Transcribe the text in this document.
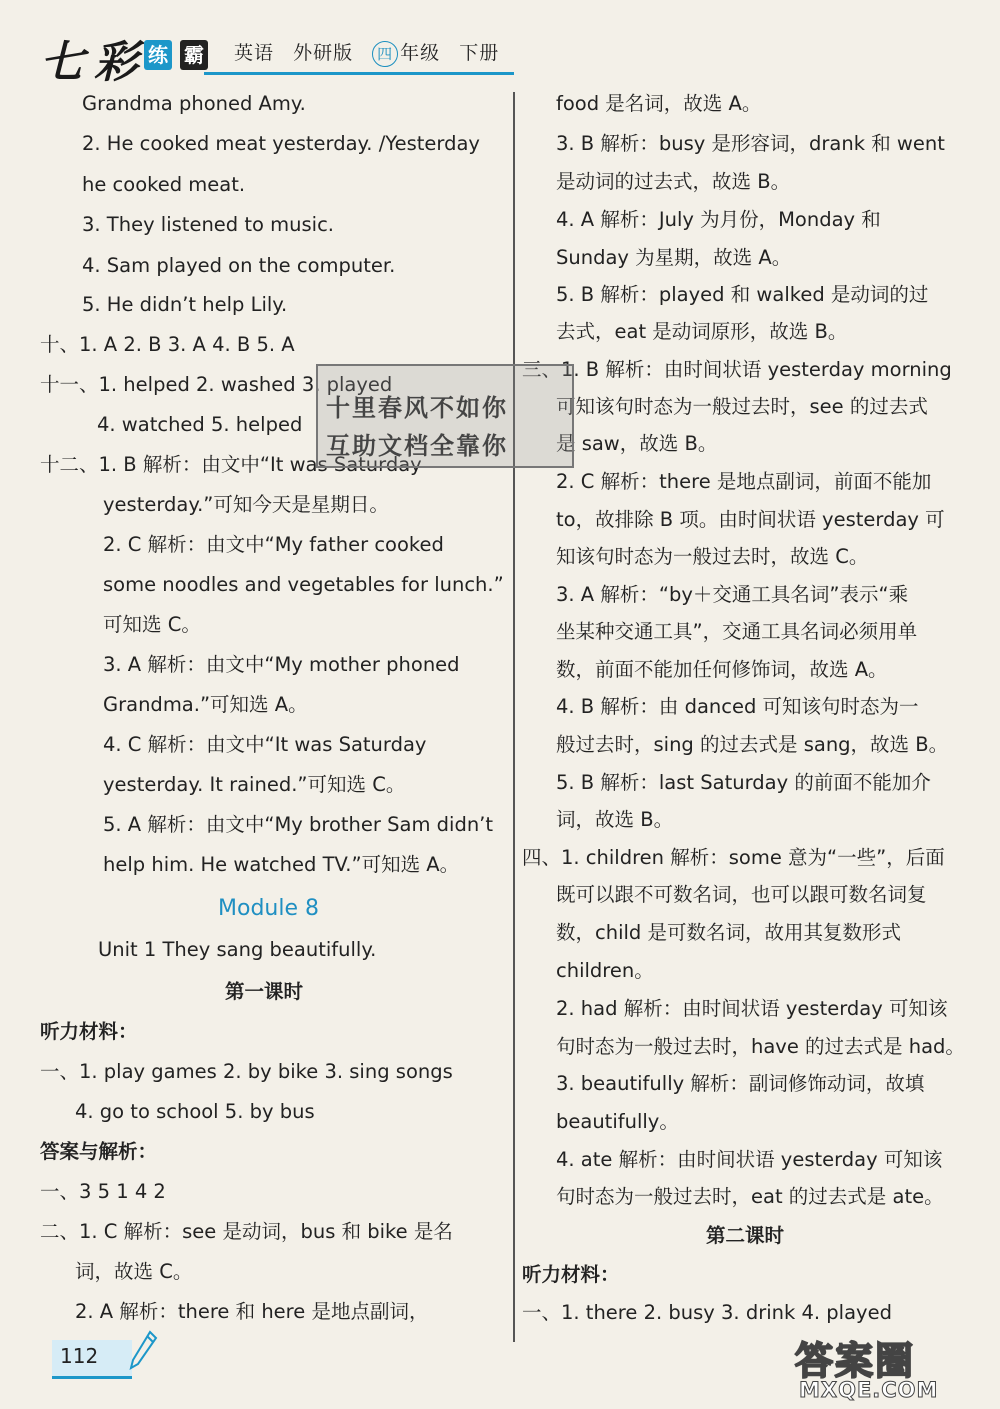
七 彩 练 霸 英语 外研版 四 年级 下册
Grandma phoned Amy.
2. He cooked meat yesterday. /Yesterday
he cooked meat.
3. They listened to music.
4. Sam played on the computer.
5. He didn’t help Lily.
十、1. A 2. B 3. A 4. B 5. A
十一、1. helped 2. washed 3. played
4. watched 5. helped
十二、1. B 解析：由文中“It was Saturday
yesterday.”可知今天是星期日。
2. C 解析：由文中“My father cooked
some noodles and vegetables for lunch.”
可知选 C。
3. A 解析：由文中“My mother phoned
Grandma.”可知选 A。
4. C 解析：由文中“It was Saturday
yesterday. It rained.”可知选 C。
5. A 解析：由文中“My brother Sam didn’t
help him. He watched TV.”可知选 A。
Module 8
Unit 1 They sang beautifully.
第一课时
听力材料：
一、1. play games 2. by bike 3. sing songs
4. go to school 5. by bus
答案与解析：
一、3 5 1 4 2
二、1. C 解析：see 是动词，bus 和 bike 是名
词，故选 C。
2. A 解析：there 和 here 是地点副词，
food 是名词，故选 A。
3. B 解析：busy 是形容词，drank 和 went
是动词的过去式，故选 B。
4. A 解析：July 为月份，Monday 和
Sunday 为星期，故选 A。
5. B 解析：played 和 walked 是动词的过
去式，eat 是动词原形，故选 B。
三、1. B 解析：由时间状语 yesterday morning
可知该句时态为一般过去时，see 的过去式
是 saw，故选 B。
2. C 解析：there 是地点副词，前面不能加
to，故排除 B 项。由时间状语 yesterday 可
知该句时态为一般过去时，故选 C。
3. A 解析：“by＋交通工具名词”表示“乘
坐某种交通工具”，交通工具名词必须用单
数，前面不能加任何修饰词，故选 A。
4. B 解析：由 danced 可知该句时态为一
般过去时，sing 的过去式是 sang，故选 B。
5. B 解析：last Saturday 的前面不能加介
词，故选 B。
四、1. children 解析：some 意为“一些”，后面
既可以跟不可数名词，也可以跟可数名词复
数，child 是可数名词，故用其复数形式
children。
2. had 解析：由时间状语 yesterday 可知该
句时态为一般过去时，have 的过去式是 had。
3. beautifully 解析：副词修饰动词，故填
beautifully。
4. ate 解析：由时间状语 yesterday 可知该
句时态为一般过去时，eat 的过去式是 ate。
第二课时
听力材料：
一、1. there 2. busy 3. drink 4. played
十里春风不如你
互助文档全靠你
112	答案圈
MXQE.COM
